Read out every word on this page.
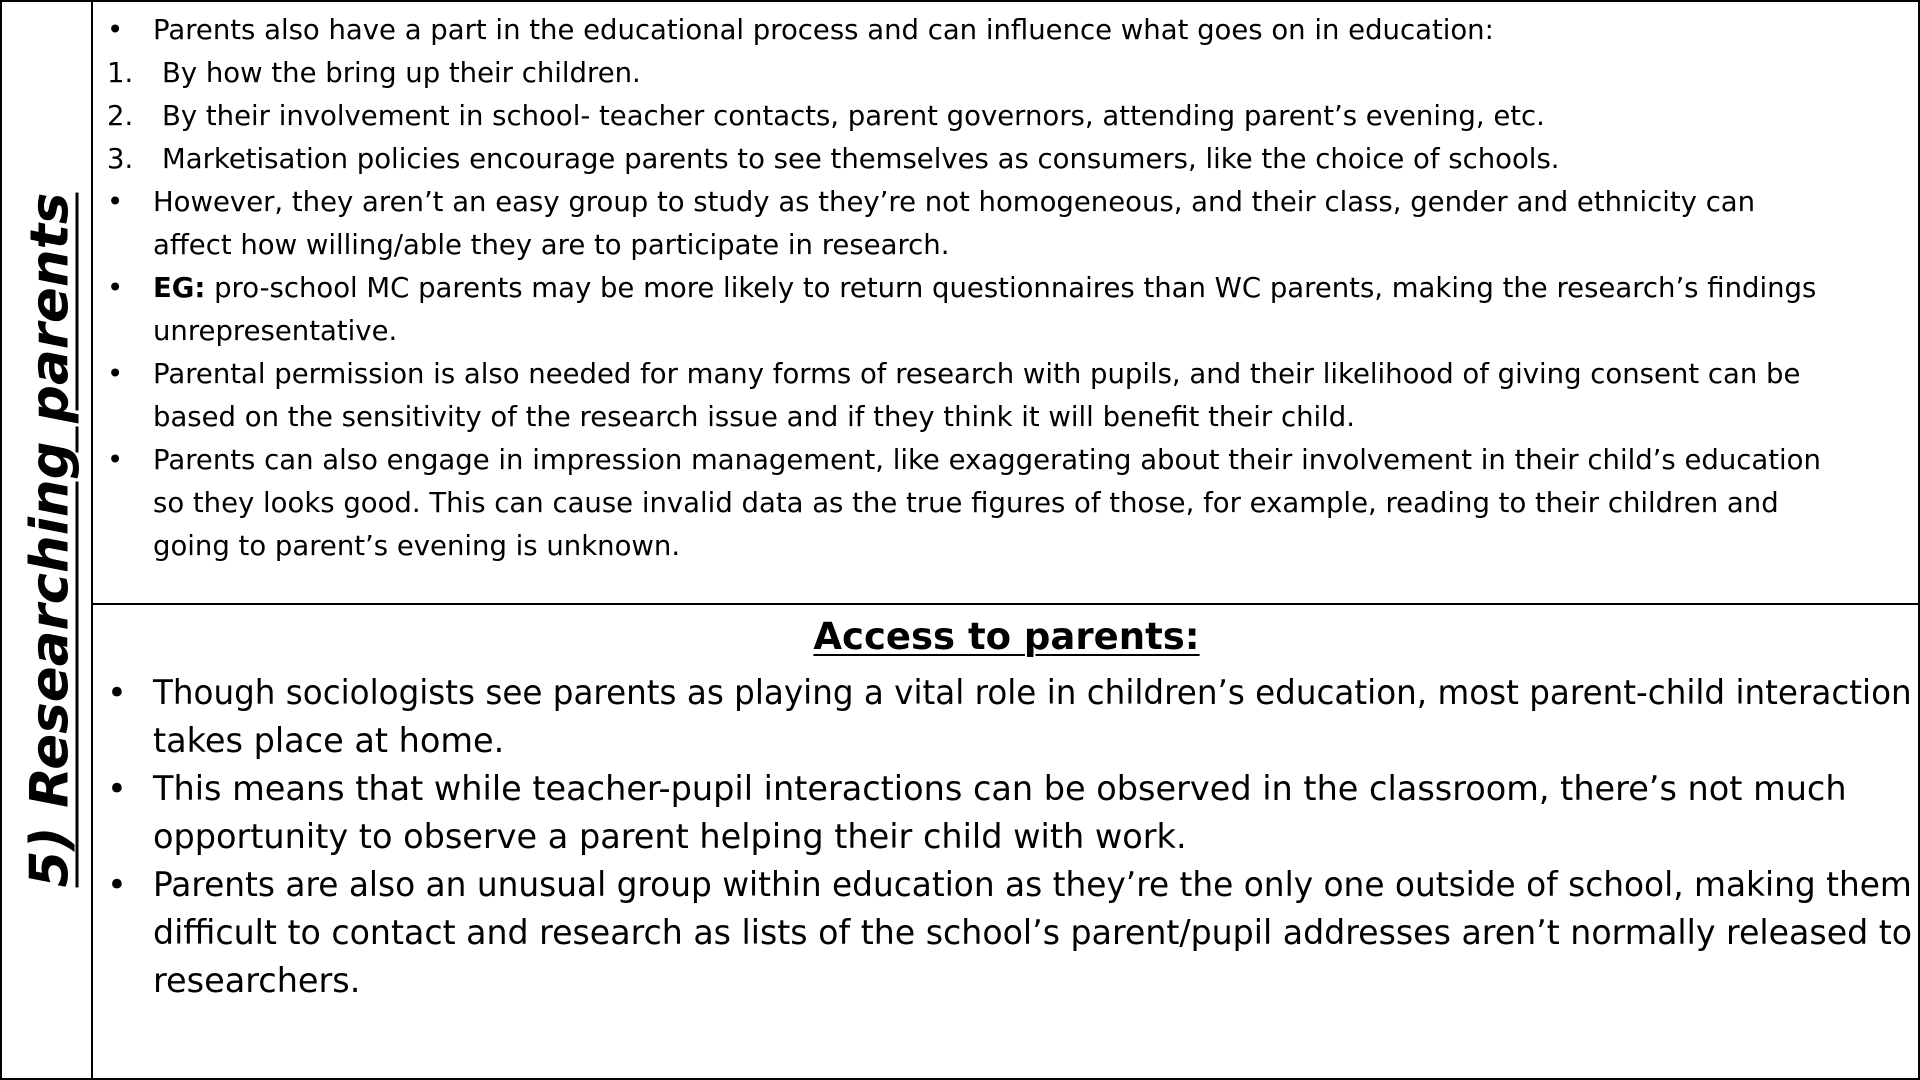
5) Researching parents
• Parents also have a part in the educational process and can influence what goes on in education:
1. By how the bring up their children.
2. By their involvement in school- teacher contacts, parent governors, attending parent’s evening, etc.
3. Marketisation policies encourage parents to see themselves as consumers, like the choice of schools.
• However, they aren’t an easy group to study as they’re not homogeneous, and their class, gender and ethnicity can
affect how willing/able they are to participate in research.
• EG: pro-school MC parents may be more likely to return questionnaires than WC parents, making the research’s findings
unrepresentative.
• Parental permission is also needed for many forms of research with pupils, and their likelihood of giving consent can be
based on the sensitivity of the research issue and if they think it will benefit their child.
• Parents can also engage in impression management, like exaggerating about their involvement in their child’s education
so they looks good. This can cause invalid data as the true figures of those, for example, reading to their children and
going to parent’s evening is unknown.
Access to parents:
• Though sociologists see parents as playing a vital role in children’s education, most parent-child interaction
takes place at home.
• This means that while teacher-pupil interactions can be observed in the classroom, there’s not much
opportunity to observe a parent helping their child with work.
• Parents are also an unusual group within education as they’re the only one outside of school, making them
difficult to contact and research as lists of the school’s parent/pupil addresses aren’t normally released to
researchers.
